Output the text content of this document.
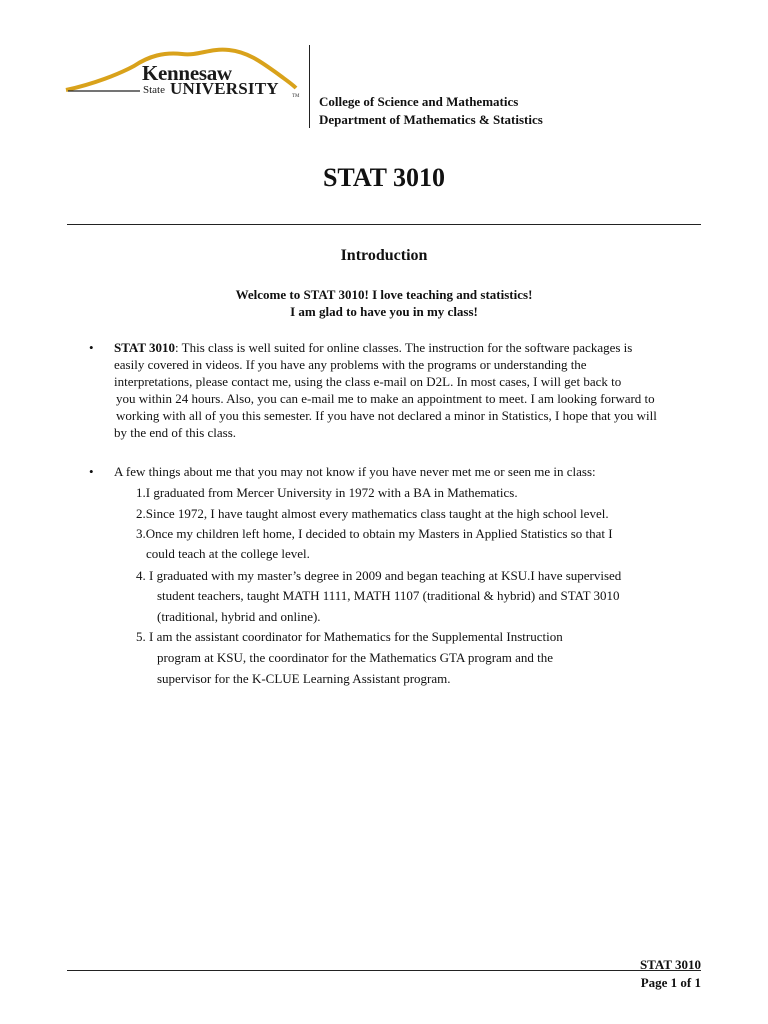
Kennesaw
State UNIVERSITY	TM College of Science and Mathematics
Department of Mathematics & Statistics
STAT 3010
Introduction
Welcome to STAT 3010! I love teaching and statistics!
I am glad to have you in my class!
• STAT 3010: This class is well suited for online classes. The instruction for the software packages is
easily covered in videos. If you have any problems with the programs or understanding the
interpretations, please contact me, using the class e-mail on D2L. In most cases, I will get back to
you within 24 hours. Also, you can e-mail me to make an appointment to meet. I am looking forward to
working with all of you this semester. If you have not declared a minor in Statistics, I hope that you will
by the end of this class.
• A few things about me that you may not know if you have never met me or seen me in class:
1.I graduated from Mercer University in 1972 with a BA in Mathematics.
2.Since 1972, I have taught almost every mathematics class taught at the high school level.
3.Once my children left home, I decided to obtain my Masters in Applied Statistics so that I
could teach at the college level.
4. I graduated with my master’s degree in 2009 and began teaching at KSU.I have supervised
student teachers, taught MATH 1111, MATH 1107 (traditional & hybrid) and STAT 3010
(traditional, hybrid and online).
5. I am the assistant coordinator for Mathematics for the Supplemental Instruction
program at KSU, the coordinator for the Mathematics GTA program and the
supervisor for the K-CLUE Learning Assistant program.
STAT 3010
Page 1 of 1
